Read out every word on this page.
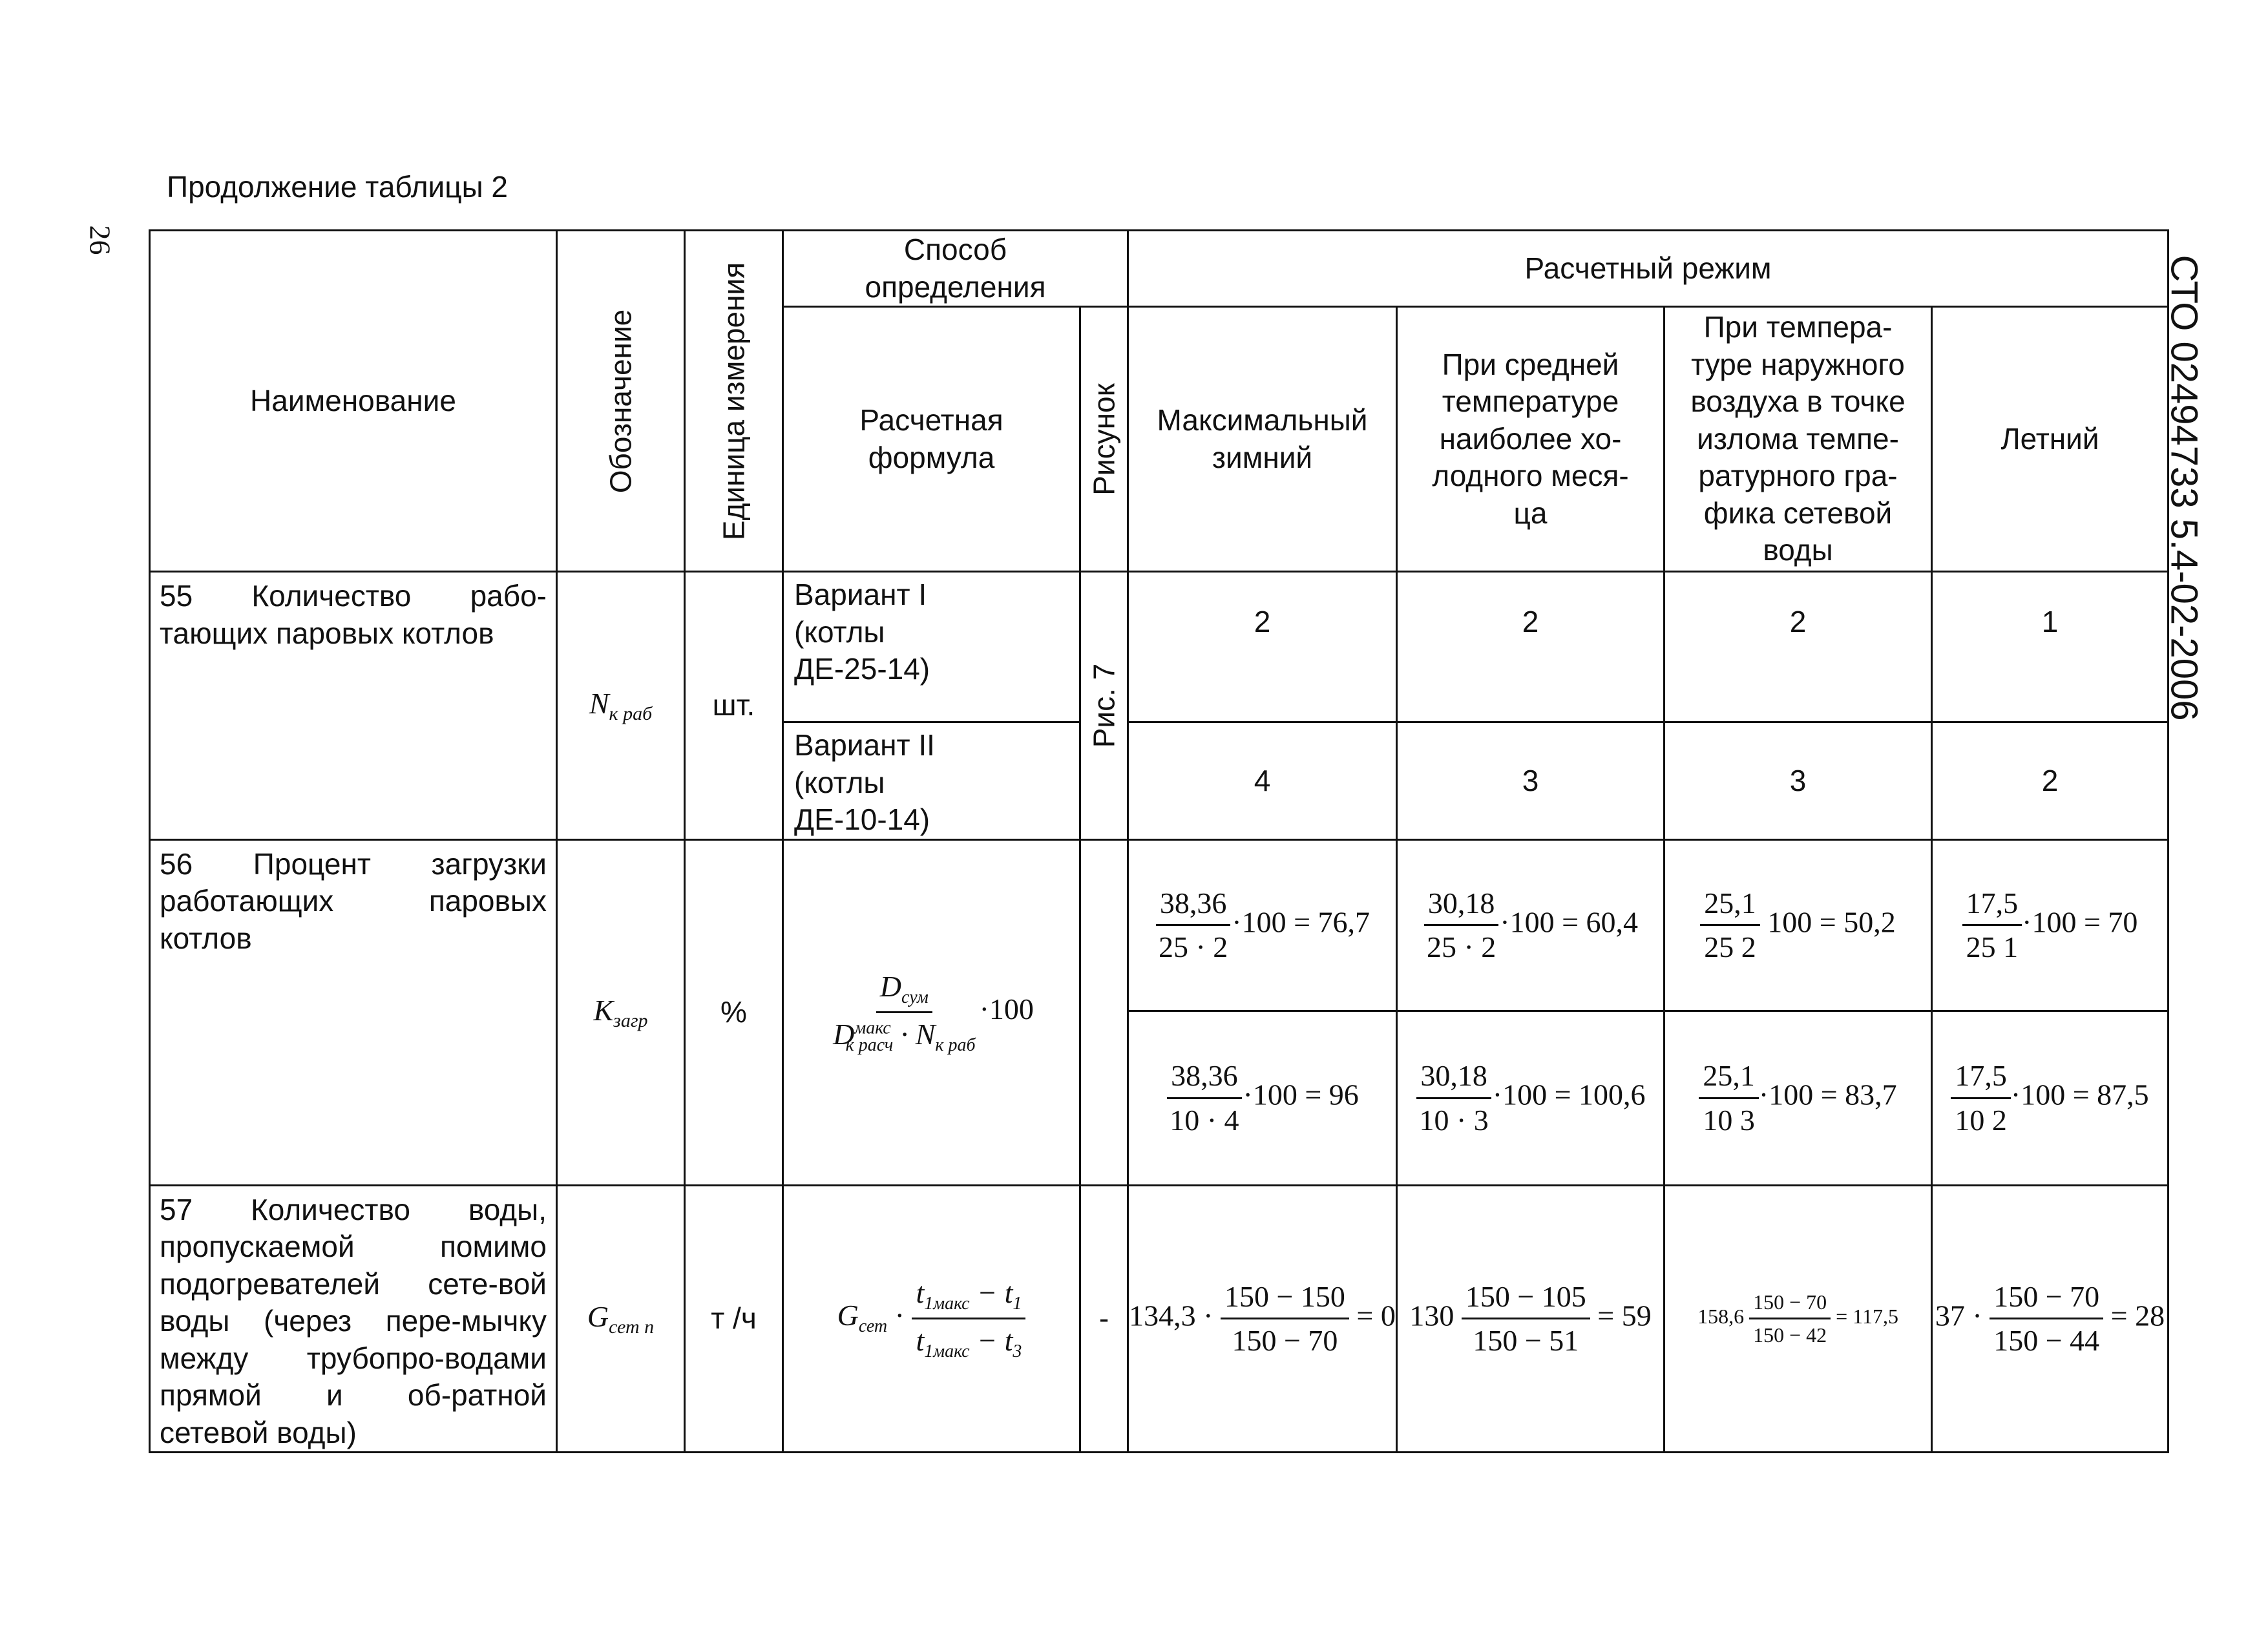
Продолжение таблицы 2
26
СТО 02494733 5.4-02-2006
Наименование	Обозначение	Единица измерения	Способ определения		Расчетный режим			

			Расчетная формула	Рисунок	Максимальный зимний	При средней температуре наиболее хо-лодного меся-ца	При темпера-туре наружного воздуха в точке излома темпе-ратурного гра-фика сетевой воды	Летний
55 Количество рабо-тающих паровых котлов	$N_{к раб}$	шт.	Вариант I (котлы ДЕ-25-14)	Рис. 7	2	2	2	1

			Вариант II (котлы ДЕ-10-14)		4	3	3	2
56 Процент загрузки работающих паровых котлов	$K_{загр}$	%	$\frac{D_{сум}}{D^{макс}_{к расч} \cdot N_{к раб}} \cdot 100$		$\frac{38,36}{25 \cdot 2} \cdot 100 = 76,7$	$\frac{30,18}{25 \cdot 2} \cdot 100 = 60,4$	$\frac{25,1}{25 2} 100 = 50,2$	$\frac{17,5}{25 1} \cdot 100 = 70$

					$\frac{38,36}{10 \cdot 4} \cdot 100 = 96$	$\frac{30,18}{10 \cdot 3} \cdot 100 = 100,6$	$\frac{25,1}{10 3} \cdot 100 = 83,7$	$\frac{17,5}{10 2} \cdot 100 = 87,5$
57 Количество воды, пропускаемой помимо подогревателей сете-вой воды (через пере-мычку между трубопро-водами прямой и об-ратной сетевой воды)	$G_{сет п}$	т /ч	$G_{сет} \cdot \frac{t_{1макс} - t_1}{t_{1макс} - t_3}$	-	$134,3 \cdot \frac{150 - 150}{150 - 70} = 0$	$130 \frac{150 - 105}{150 - 51} = 59$	$158,6 \frac{150 - 70}{150 - 42} = 117,5$	$37 \cdot \frac{150 - 70}{150 - 44} = 28$
